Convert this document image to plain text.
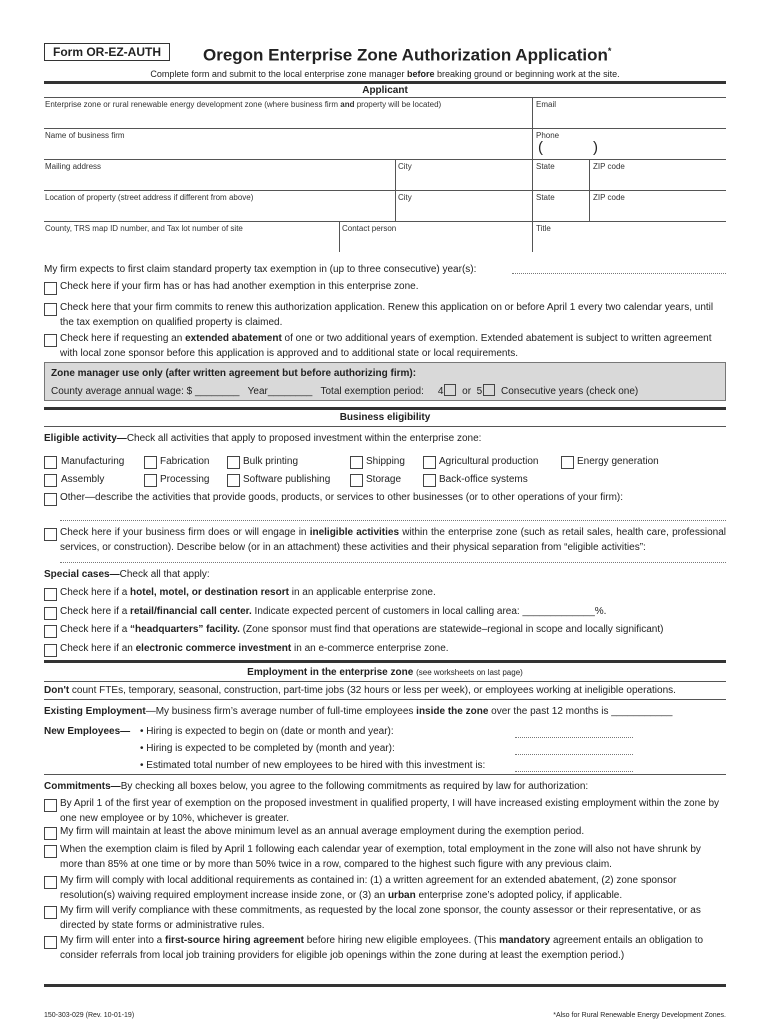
Form OR-EZ-AUTH	Oregon Enterprise Zone Authorization Application*
Complete form and submit to the local enterprise zone manager before breaking ground or beginning work at the site.
Applicant
Enterprise zone or rural renewable energy development zone (where business firm and property will be located)	Email
Name of business firm	Phone
(	)
Mailing address	City	State	ZIP code
Location of property (street address if different from above)	City	State	ZIP code
County, TRS map ID number, and Tax lot number of site	Contact person	Title
My firm expects to first claim standard property tax exemption in (up to three consecutive) year(s):
Check here if your firm has or has had another exemption in this enterprise zone.
Check here that your firm commits to renew this authorization application. Renew this application on or before April 1 every two calendar years, until the tax exemption on qualified property is claimed.
Check here if requesting an extended abatement of one or two additional years of exemption. Extended abatement is subject to written agreement with local zone sponsor before this application is approved and to additional state or local requirements.
Zone manager use only (after written agreement but before authorizing firm):
County average annual wage: $ ________ Year________ Total exemption period: 4 or 5 Consecutive years (check one)
Business eligibility
Eligible activity—Check all activities that apply to proposed investment within the enterprise zone:
Manufacturing	Fabrication	Bulk printing	Shipping	Agricultural production	Energy generation
Assembly	Processing	Software publishing	Storage	Back-office systems
Other—describe the activities that provide goods, products, or services to other businesses (or to other operations of your firm):
Check here if your business firm does or will engage in ineligible activities within the enterprise zone (such as retail sales, health care, professional services, or construction). Describe below (or in an attachment) these activities and their physical separation from “eligible activities”:
Special cases—Check all that apply:
Employment in the enterprise zone (see worksheets on last page)
Don't count FTEs, temporary, seasonal, construction, part-time jobs (32 hours or less per week), or employees working at ineligible operations.
Existing Employment—My business firm’s average number of full-time employees inside the zone over the past 12 months is ___________
New Employees— • Hiring is expected to begin on (date or month and year):
• Hiring is expected to be completed by (month and year):
• Estimated total number of new employees to be hired with this investment is:
Commitments—By checking all boxes below, you agree to the following commitments as required by law for authorization:
150-303-029 (Rev. 10-01-19)	*Also for Rural Renewable Energy Development Zones.
Check here if a hotel, motel, or destination resort in an applicable enterprise zone.
Check here if a retail/financial call center. Indicate expected percent of customers in local calling area: _____________%.
Check here if a “headquarters” facility. (Zone sponsor must find that operations are statewide–regional in scope and locally significant)
Check here if an electronic commerce investment in an e-commerce enterprise zone.
By April 1 of the first year of exemption on the proposed investment in qualified property, I will have increased existing employment within the zone by one new employee or by 10%, whichever is greater.
My firm will maintain at least the above minimum level as an annual average employment during the exemption period.
When the exemption claim is filed by April 1 following each calendar year of exemption, total employment in the zone will also not have shrunk by more than 85% at one time or by more than 50% twice in a row, compared to the highest such figure with any previous claim.
My firm will comply with local additional requirements as contained in: (1) a written agreement for an extended abatement, (2) zone sponsor resolution(s) waiving required employment increase inside zone, or (3) an urban enterprise zone’s adopted policy, if applicable.
My firm will verify compliance with these commitments, as requested by the local zone sponsor, the county assessor or their representative, or as directed by state forms or administrative rules.
My firm will enter into a first-source hiring agreement before hiring new eligible employees. (This mandatory agreement entails an obligation to consider referrals from local job training providers for eligible job openings within the zone during at least the exemption period.)
